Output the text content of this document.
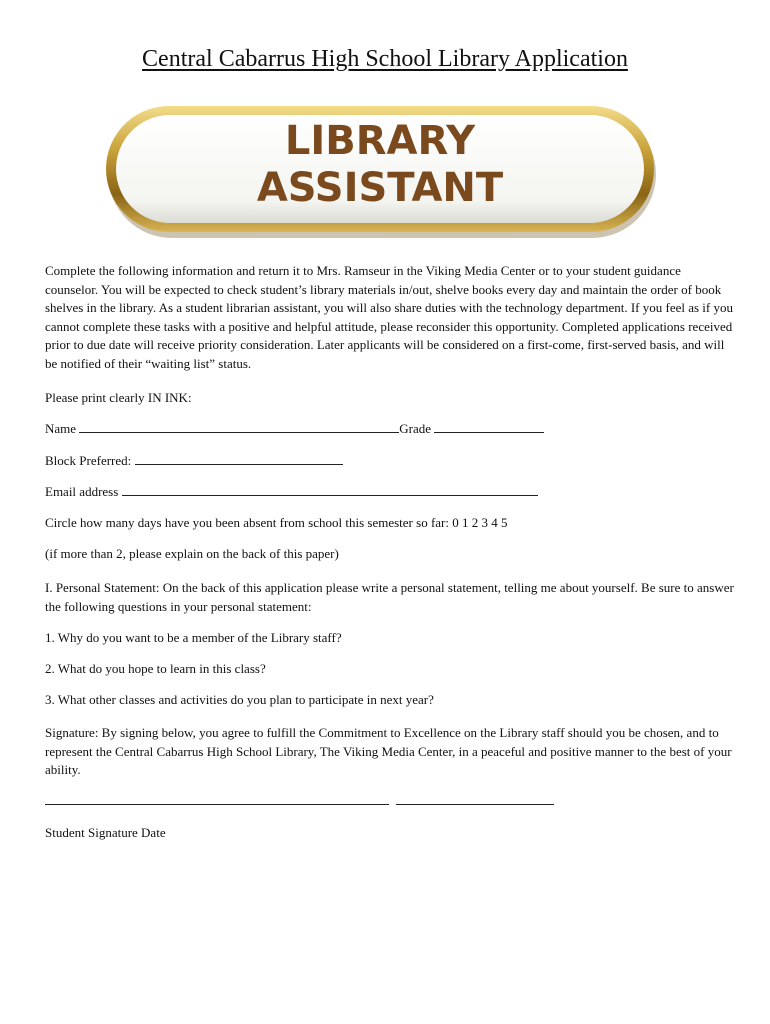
Central Cabarrus High School Library Application
LIBRARY
ASSISTANT

Complete the following information and return it to Mrs. Ramseur in the Viking Media Center or to your student guidance counselor. You will be expected to check student’s library materials in/out, shelve books every day and maintain the order of book shelves in the library. As a student librarian assistant, you will also share duties with the technology department. If you feel as if you cannot complete these tasks with a positive and helpful attitude, please reconsider this opportunity. Completed applications received prior to due date will receive priority consideration. Later applicants will be considered on a first-come, first-served basis, and will be notified of their “waiting list” status.

Please print clearly IN INK:

Name	Grade
Block Preferred:
Email address

Circle how many days have you been absent from school this semester so far: 0 1 2 3 4 5

(if more than 2, please explain on the back of this paper)

I. Personal Statement: On the back of this application please write a personal statement, telling me about yourself. Be sure to answer the following questions in your personal statement:

1. Why do you want to be a member of the Library staff?

2. What do you hope to learn in this class?

3. What other classes and activities do you plan to participate in next year?

Signature: By signing below, you agree to fulfill the Commitment to Excellence on the Library staff should you be chosen, and to represent the Central Cabarrus High School Library, The Viking Media Center, in a peaceful and positive manner to the best of your ability.

Student Signature Date
